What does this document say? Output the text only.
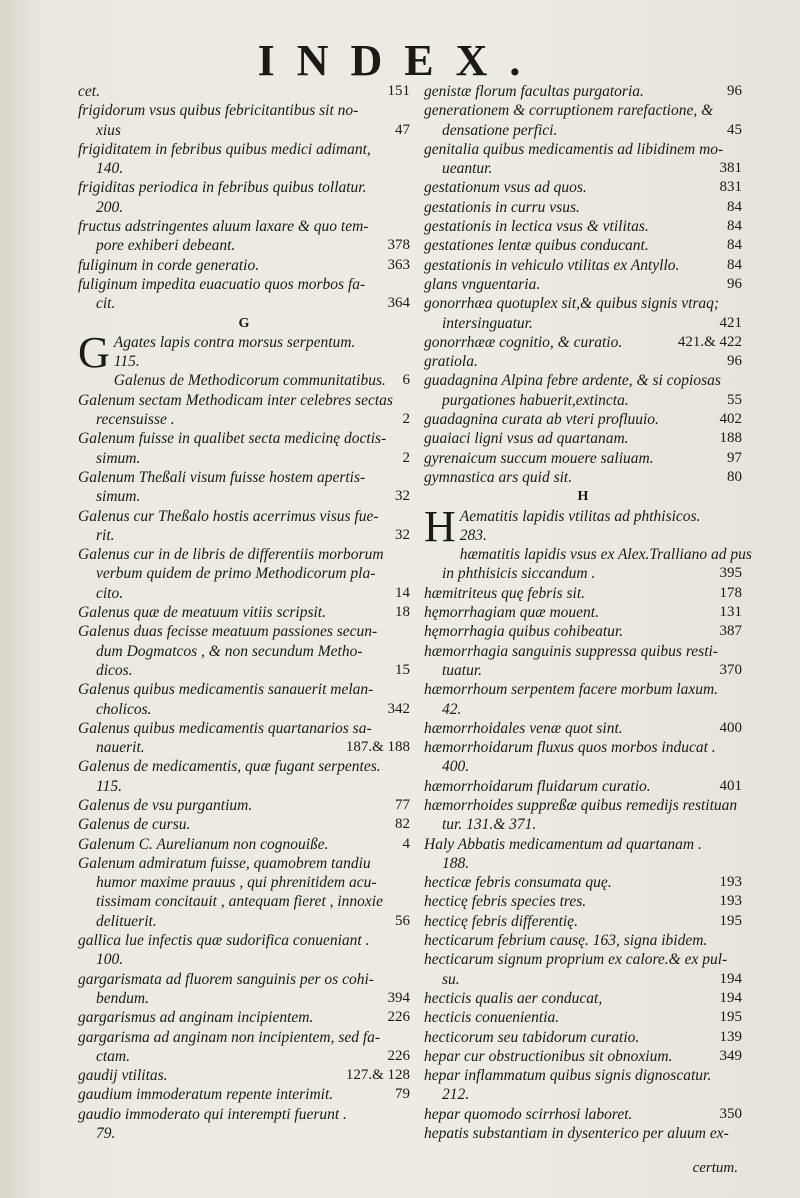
INDEX.
cet.	151
frigidorum vsus quibus febricitantibus sit no-
xius	47
frigiditatem in febribus quibus medici adimant,
140.
frigiditas periodica in febribus quibus tollatur.
200.
fructus adstringentes aluum laxare & quo tem-
pore exhiberi debeant.	378
fuliginum in corde generatio.	363
fuliginum impedita euacuatio quos morbos fa-
cit.	364
G
G Agates lapis contra morsus serpentum.
115.
Galenus de Methodicorum communitatibus.	6
Galenum sectam Methodicam inter celebres sectas
recensuisse .	2
Galenum fuisse in qualibet secta medicinę doctis-
simum.	2
Galenum Theßali visum fuisse hostem apertis-
simum.	32
Galenus cur Theßalo hostis acerrimus visus fue-
rit.	32
Galenus cur in de libris de differentiis morborum
verbum quidem de primo Methodicorum pla-
cito.	14
Galenus quæ de meatuum vitiis scripsit.	18
Galenus duas fecisse meatuum passiones secun-
dum Dogmatcos , & non secundum Metho-
dicos.	15
Galenus quibus medicamentis sanauerit melan-
cholicos.	342
Galenus quibus medicamentis quartanarios sa-
nauerit.	187.& 188
Galenus de medicamentis, quæ fugant serpentes.
115.
Galenus de vsu purgantium.	77
Galenus de cursu.	82
Galenum C. Aurelianum non cognouiße.	4
Galenum admiratum fuisse, quamobrem tandiu
humor maxime prauus , qui phrenitidem acu-
tissimam concitauit , antequam fieret , innoxie
delituerit.	56
gallica lue infectis quæ sudorifica conueniant .
100.
gargarismata ad fluorem sanguinis per os cohi-
bendum.	394
gargarismus ad anginam incipientem.	226
gargarisma ad anginam non incipientem, sed fa-
ctam.	226
gaudij vtilitas.	127.& 128
gaudium immoderatum repente interimit.	79
gaudio immoderato qui interempti fuerunt .
79.
genistæ florum facultas purgatoria.	96
generationem & corruptionem rarefactione, &
densatione perfici.	45
genitalia quibus medicamentis ad libidinem mo-
ueantur.	381
gestationum vsus ad quos.	831
gestationis in curru vsus.	84
gestationis in lectica vsus & vtilitas.	84
gestationes lentæ quibus conducant.	84
gestationis in vehiculo vtilitas ex Antyllo.	84
glans vnguentaria.	96
gonorrhæa quotuplex sit,& quibus signis vtraq;
intersinguatur.	421
gonorrhææ cognitio, & curatio.	421.& 422
gratiola.	96
guadagnina Alpina febre ardente, & si copiosas
purgationes habuerit,extincta.	55
guadagnina curata ab vteri profluuio.	402
guaiaci ligni vsus ad quartanam.	188
gyrenaicum succum mouere saliuam.	97
gymnastica ars quid sit.	80
H
H Aematitis lapidis vtilitas ad phthisicos.
283.
hæmatitis lapidis vsus ex Alex.Tralliano ad pus
in phthisicis siccandum .	395
hæmitriteus quę febris sit.	178
hęmorrhagiam quæ mouent.	131
hęmorrhagia quibus cohibeatur.	387
hæmorrhagia sanguinis suppressa quibus resti-
tuatur.	370
hæmorrhoum serpentem facere morbum laxum.
42.
hæmorrhoidales venæ quot sint.	400
hæmorrhoidarum fluxus quos morbos inducat .
400.
hæmorrhoidarum fluidarum curatio.	401
hæmorrhoides suppreßæ quibus remedijs restituan
tur. 131.& 371.
Haly Abbatis medicamentum ad quartanam .
188.
hecticæ febris consumata quę.	193
hecticę febris species tres.	193
hecticę febris differentię.	195
hecticarum febrium causę. 163, signa ibidem.
hecticarum signum proprium ex calore.& ex pul-
su.	194
hecticis qualis aer conducat,	194
hecticis conuenientia.	195
hecticorum seu tabidorum curatio.	139
hepar cur obstructionibus sit obnoxium.	349
hepar inflammatum quibus signis dignoscatur.
212.
hepar quomodo scirrhosi laboret.	350
hepatis substantiam in dysenterico per aluum ex-
certum.
